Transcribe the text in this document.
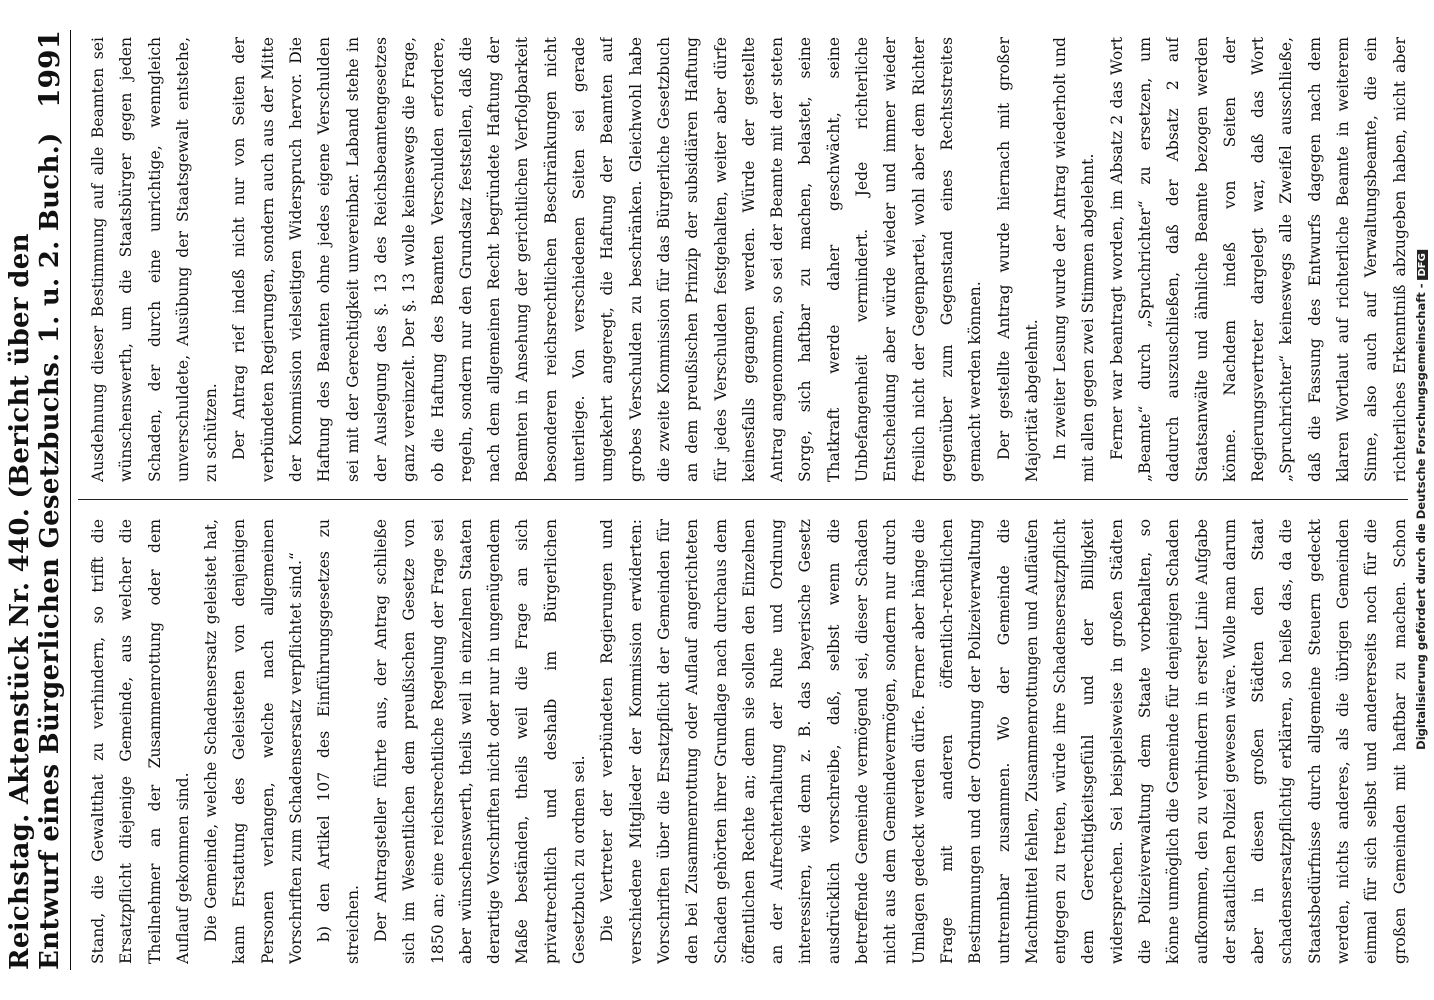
Reichstag. Aktenstück Nr. 440. (Bericht über den Entwurf eines Bürgerlichen Gesetzbuchs. 1. u. 2. Buch.)
1991

Stand, die Gewaltthat zu verhindern, so trifft die Ersatzpflicht diejenige Gemeinde, aus welcher die Theilnehmer an der Zusammenrottung oder dem Auflauf gekommen sind. Die Gemeinde, welche Schadensersatz geleistet hat, kann Erstattung des Geleisteten von denjenigen Personen verlangen, welche nach allgemeinen Vorschriften zum Schadensersatz verpflichtet sind.“ b) den Artikel 107 des Einführungsgesetzes zu streichen. Der Antragsteller führte aus, der Antrag schließe sich im Wesentlichen dem preußischen Gesetze von 1850 an; eine reichsrechtliche Regelung der Frage sei aber wünschenswerth, theils weil in einzelnen Staaten derartige Vorschriften nicht oder nur in ungenügendem Maße beständen, theils weil die Frage an sich privatrechtlich und deshalb im Bürgerlichen Gesetzbuch zu ordnen sei. Die Vertreter der verbündeten Regierungen und verschiedene Mitglieder der Kommission erwiderten: Vorschriften über die Ersatzpflicht der Gemeinden für den bei Zusammenrottung oder Auflauf angerichteten Schaden gehörten ihrer Grundlage nach durchaus dem öffentlichen Rechte an; denn sie sollen den Einzelnen an der Aufrechterhaltung der Ruhe und Ordnung interessiren, wie denn z. B. das bayerische Gesetz ausdrücklich vorschreibe, daß, selbst wenn die betreffende Gemeinde vermögend sei, dieser Schaden nicht aus dem Gemeindevermögen, sondern nur durch Umlagen gedeckt werden dürfe. Ferner aber hänge die Frage mit anderen öffentlich-rechtlichen Bestimmungen und der Ordnung der Polizeiverwaltung untrennbar zusammen. Wo der Gemeinde die Machtmittel fehlen, Zusammenrottungen und Aufläufen entgegen zu treten, würde ihre Schadensersatzpflicht dem Gerechtigkeitsgefühl und der Billigkeit widersprechen. Sei beispielsweise in großen Städten die Polizeiverwaltung dem Staate vorbehalten, so könne unmöglich die Gemeinde für denjenigen Schaden aufkommen, den zu verhindern in erster Linie Aufgabe der staatlichen Polizei gewesen wäre. Wolle man darum aber in diesen großen Städten den Staat schadensersatzpflichtig erklären, so heiße das, da die Staatsbedürfnisse durch allgemeine Steuern gedeckt werden, nichts anderes, als die übrigen Gemeinden einmal für sich selbst und andererseits noch für die großen Gemeinden mit haftbar zu machen. Schon

Ausdehnung dieser Bestimmung auf alle Beamten sei wünschenswerth, um die Staatsbürger gegen jeden Schaden, der durch eine unrichtige, wenngleich unverschuldete, Ausübung der Staatsgewalt entstehe, zu schützen. Der Antrag rief indeß nicht nur von Seiten der verbündeten Regierungen, sondern auch aus der Mitte der Kommission vielseitigen Widerspruch hervor. Die Haftung des Beamten ohne jedes eigene Verschulden sei mit der Gerechtigkeit unvereinbar. Laband stehe in der Auslegung des §. 13 des Reichsbeamtengesetzes ganz vereinzelt. Der §. 13 wolle keineswegs die Frage, ob die Haftung des Beamten Verschulden erfordere, regeln, sondern nur den Grundsatz feststellen, daß die nach dem allgemeinen Recht begründete Haftung der Beamten in Ansehung der gerichtlichen Verfolgbarkeit besonderen reichsrechtlichen Beschränkungen nicht unterliege. Von verschiedenen Seiten sei gerade umgekehrt angeregt, die Haftung der Beamten auf grobes Verschulden zu beschränken. Gleichwohl habe die zweite Kommission für das Bürgerliche Gesetzbuch an dem preußischen Prinzip der subsidiären Haftung für jedes Verschulden festgehalten, weiter aber dürfe keinesfalls gegangen werden. Würde der gestellte Antrag angenommen, so sei der Beamte mit der steten Sorge, sich haftbar zu machen, belastet, seine Thatkraft werde daher geschwächt, seine Unbefangenheit vermindert. Jede richterliche Entscheidung aber würde wieder und immer wieder freilich nicht der Gegenpartei, wohl aber dem Richter gegenüber zum Gegenstand eines Rechtsstreites gemacht werden können. Der gestellte Antrag wurde hiernach mit großer Majorität abgelehnt. In zweiter Lesung wurde der Antrag wiederholt und mit allen gegen zwei Stimmen abgelehnt. Ferner war beantragt worden, im Absatz 2 das Wort „Beamte“ durch „Spruchrichter“ zu ersetzen, um dadurch auszuschließen, daß der Absatz 2 auf Staatsanwälte und ähnliche Beamte bezogen werden könne. Nachdem indeß von Seiten der Regierungsvertreter dargelegt war, daß das Wort „Spruchrichter“ keineswegs alle Zweifel ausschließe, daß die Fassung des Entwurfs dagegen nach dem klaren Wortlaut auf richterliche Beamte in weiterem Sinne, also auch auf Verwaltungsbeamte, die ein richterliches Erkenntniß abzugeben haben, nicht aber

Digitalisierung gefördert durch die Deutsche Forschungsgemeinschaft -DFG
